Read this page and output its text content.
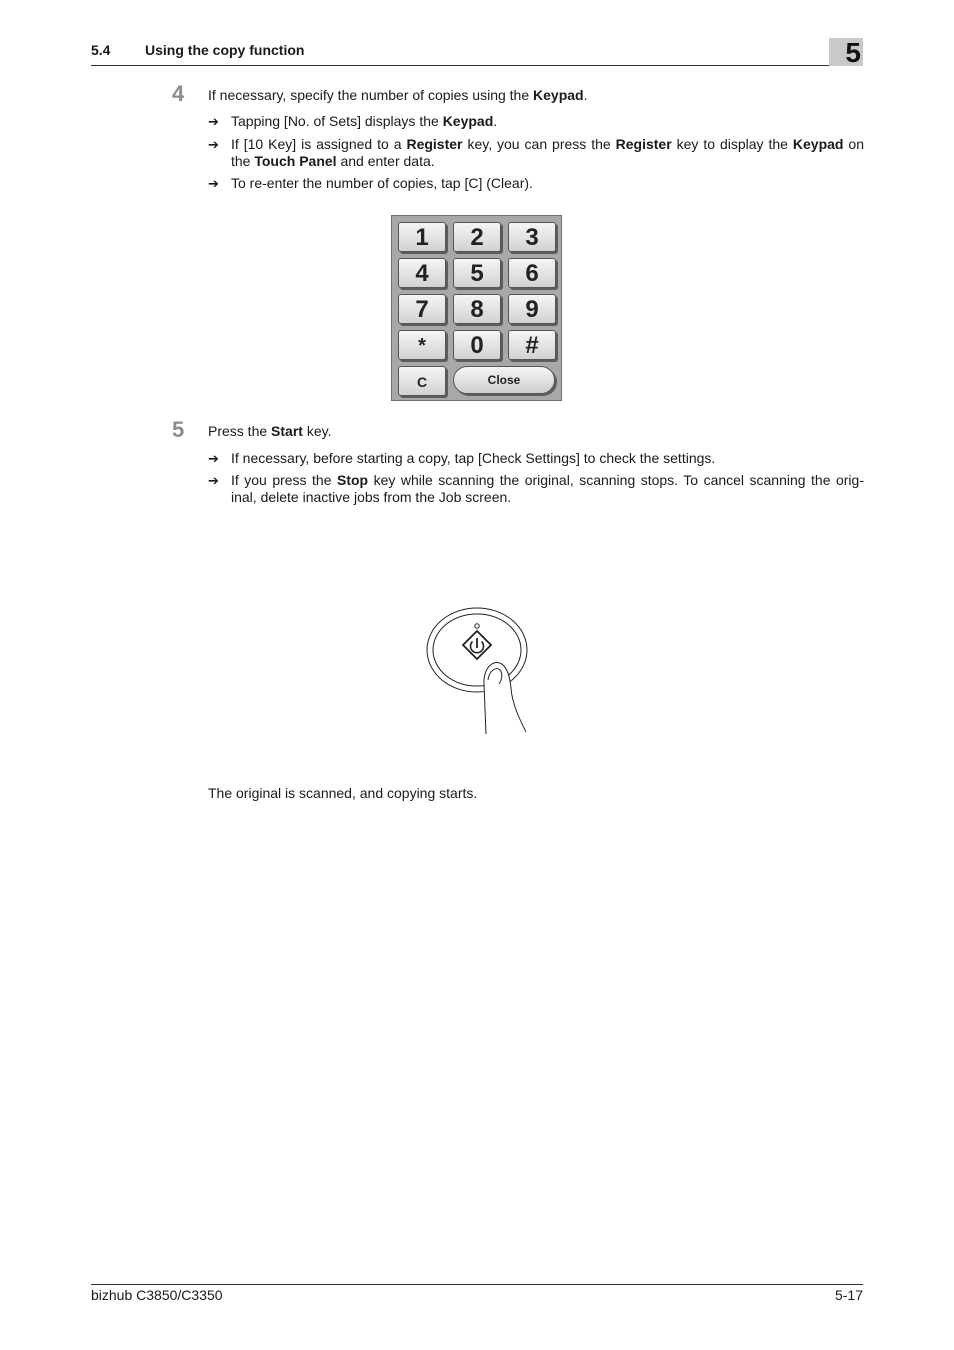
5.4 Using the copy function	5
4 If necessary, specify the number of copies using the Keypad.
➔ Tapping [No. of Sets] displays the Keypad.
➔ If [10 Key] is assigned to a Register key, you can press the Register key to display the Keypad on the Touch Panel and enter data.
➔ To re-enter the number of copies, tap [C] (Clear).
1	2	3
4	5	6
7	8	9
*	0	#
C	Close
5 Press the Start key.
➔ If necessary, before starting a copy, tap [Check Settings] to check the settings.
➔ If you press the Stop key while scanning the original, scanning stops. To cancel scanning the orig-inal, delete inactive jobs from the Job screen.
The original is scanned, and copying starts.
bizhub C3850/C3350	5-17
